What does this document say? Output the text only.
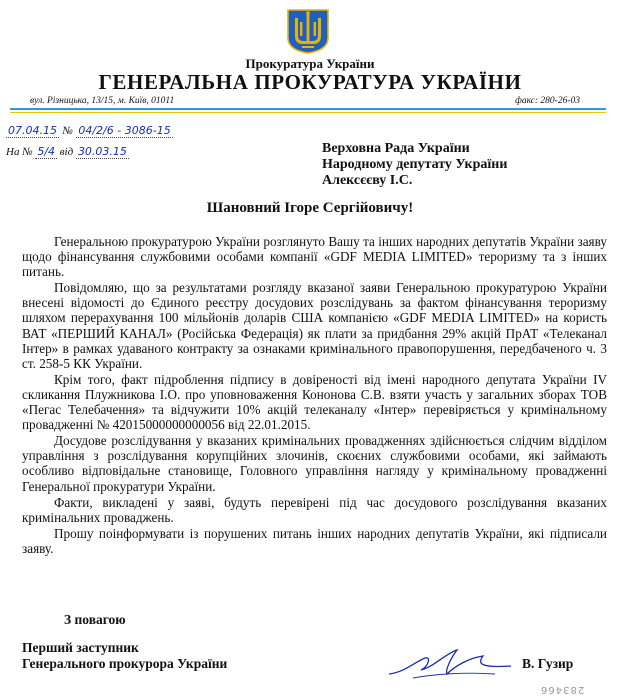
Прокуратура України
ГЕНЕРАЛЬНА ПРОКУРАТУРА УКРАЇНИ
вул. Різницька, 13/15, м. Київ, 01011	факс: 280-26-03
07.04.15 № 04/2/6 - 3086-15
На № 5/4 від 30.03.15	Верховна Рада України
Народному депутату України
Алексєєву І.С.
Шановний Ігоре Сергійовичу!

Генеральною прокуратурою України розглянуто Вашу та інших народних депутатів України заяву щодо фінансування службовими особами компанії «GDF MEDIA LIMITED» тероризму та з інших питань.

Повідомляю, що за результатами розгляду вказаної заяви Генеральною прокуратурою України внесені відомості до Єдиного реєстру досудових розслідувань за фактом фінансування тероризму шляхом перерахування 100 мільйонів доларів США компанією «GDF MEDIA LIMITED» на користь ВАТ «ПЕРШИЙ КАНАЛ» (Російська Федерація) як плати за придбання 29% акцій ПрАТ «Телеканал Інтер» в рамках удаваного контракту за ознаками кримінального правопорушення, передбаченого ч. 3 ст. 258-5 КК України.

Крім того, факт підроблення підпису в довіреності від імені народного депутата України IV скликання Плужникова І.О. про уповноваження Кононова С.В. взяти участь у загальних зборах ТОВ «Пегас Телебачення» та відчужити 10% акцій телеканалу «Інтер» перевіряється у кримінальному провадженні № 42015000000000056 від 22.01.2015.

Досудове розслідування у вказаних кримінальних провадженнях здійснюється слідчим відділом управління з розслідування корупційних злочинів, скоєних службовими особами, які займають особливо відповідальне становище, Головного управління нагляду у кримінальному провадженні Генеральної прокуратури України.

Факти, викладені у заяві, будуть перевірені під час досудового розслідування вказаних кримінальних проваджень.

Прошу поінформувати із порушених питань інших народних депутатів України, які підписали заяву.

З повагою
Перший заступник
Генерального прокурора України	В. Гузир
283466
